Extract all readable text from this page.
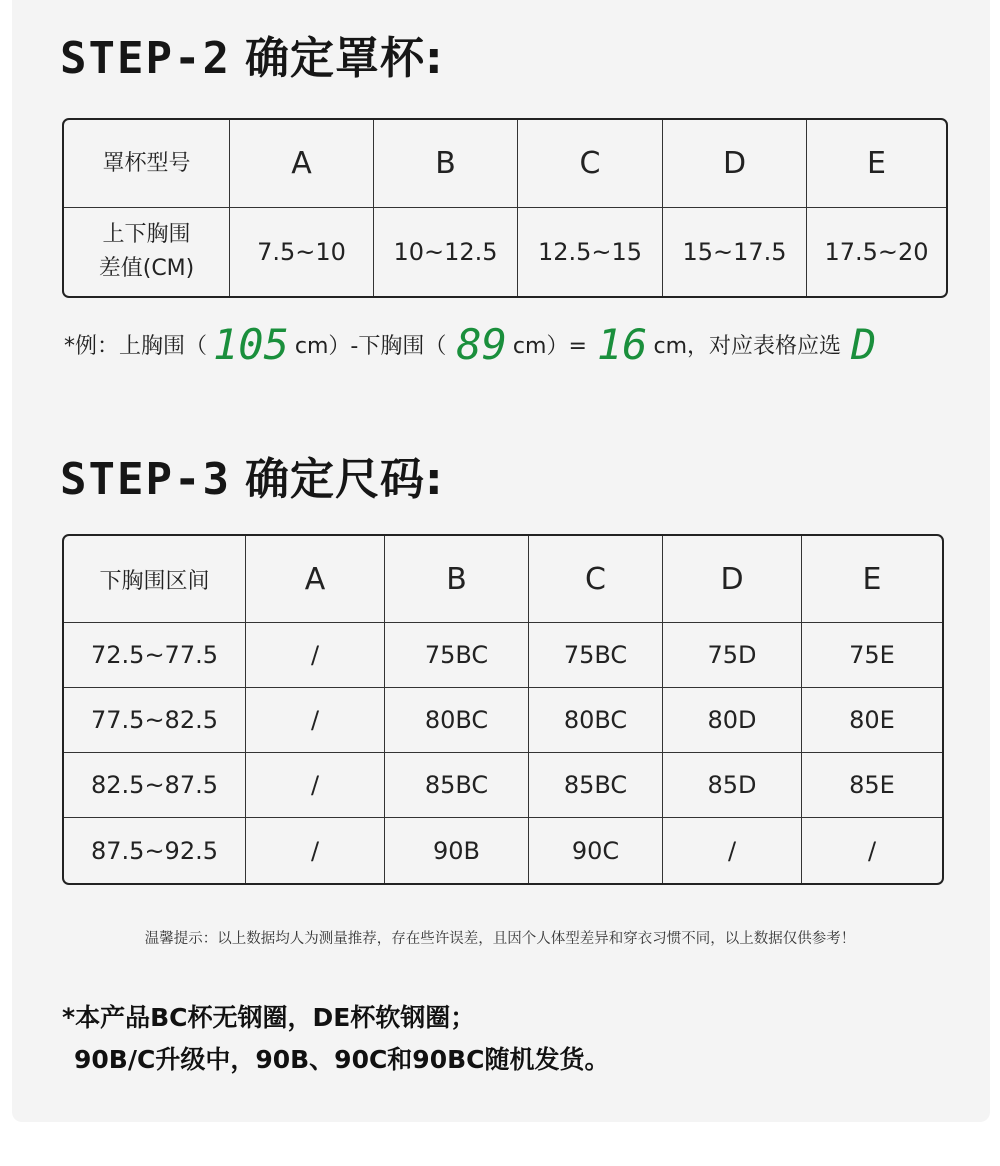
STEP-2 确定罩杯:
罩杯型号	A	B	C	D	E

上下胸围
差值(CM)	7.5~10	10~12.5	12.5~15	15~17.5	17.5~20
*例：上胸围（ 105 cm）-下胸围（ 89 cm）= 16 cm，对应表格应选 D
STEP-3 确定尺码:
下胸围区间	A	B	C	D	E
72.5~77.5	/	75BC	75BC	75D	75E
77.5~82.5	/	80BC	80BC	80D	80E
82.5~87.5	/	85BC	85BC	85D	85E
87.5~92.5	/	90B	90C	/	/
温馨提示：以上数据均人为测量推荐，存在些许误差，且因个人体型差异和穿衣习惯不同，以上数据仅供参考！
*本产品BC杯无钢圈，DE杯软钢圈；
90B/C升级中，90B、90C和90BC随机发货。
